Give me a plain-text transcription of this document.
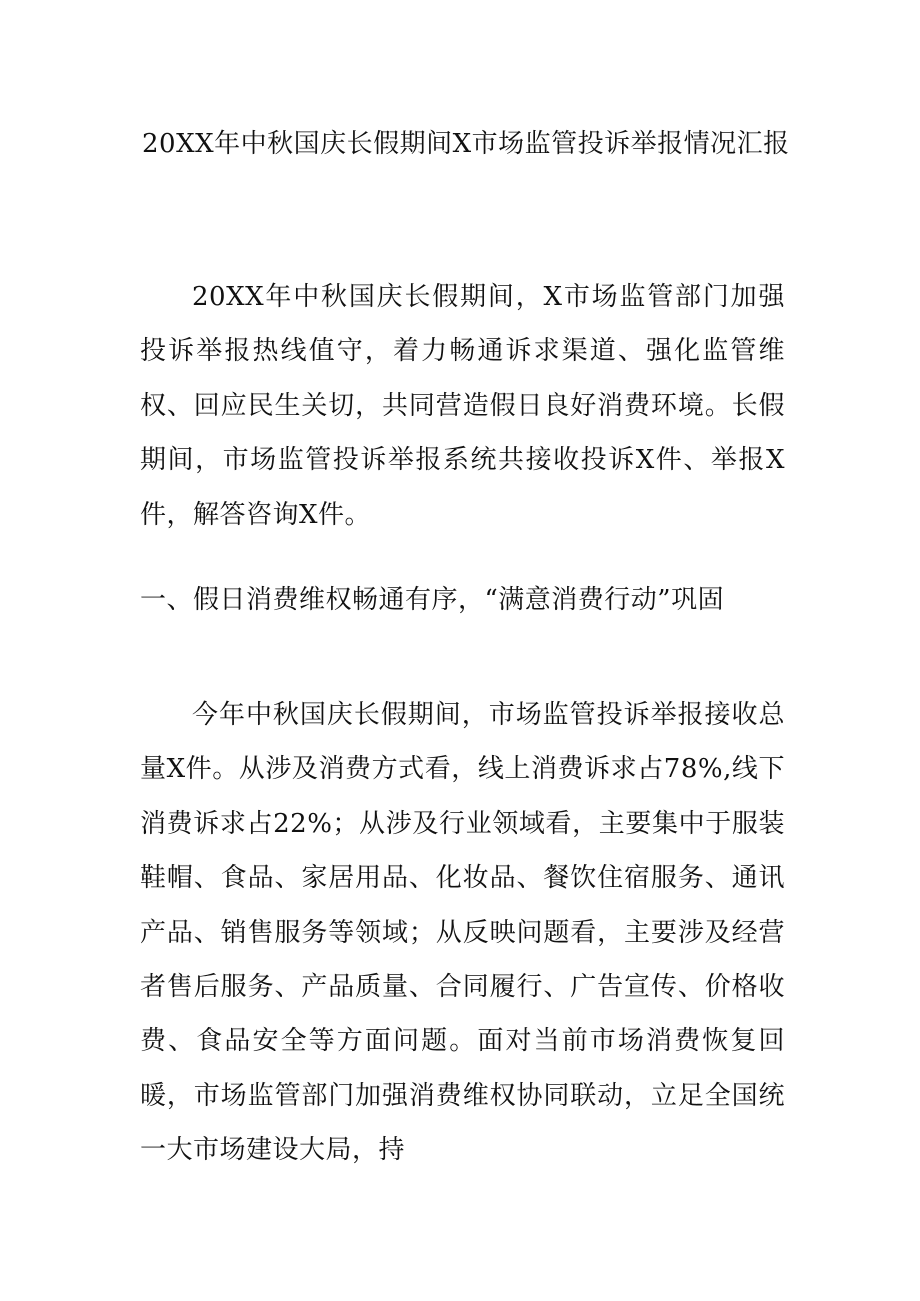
20XX年中秋国庆长假期间X市场监管投诉举报情况汇报

20XX年中秋国庆长假期间，X市场监管部门加强投诉举报热线值守，着力畅通诉求渠道、强化监管维权、回应民生关切，共同营造假日良好消费环境。长假期间，市场监管投诉举报系统共接收投诉X件、举报X件，解答咨询X件。

一、假日消费维权畅通有序，“满意消费行动”巩固

今年中秋国庆长假期间，市场监管投诉举报接收总量X件。从涉及消费方式看，线上消费诉求占78%,线下消费诉求占22%；从涉及行业领域看，主要集中于服装鞋帽、食品、家居用品、化妆品、餐饮住宿服务、通讯产品、销售服务等领域；从反映问题看，主要涉及经营者售后服务、产品质量、合同履行、广告宣传、价格收费、食品安全等方面问题。面对当前市场消费恢复回暖，市场监管部门加强消费维权协同联动，立足全国统一大市场建设大局，持
